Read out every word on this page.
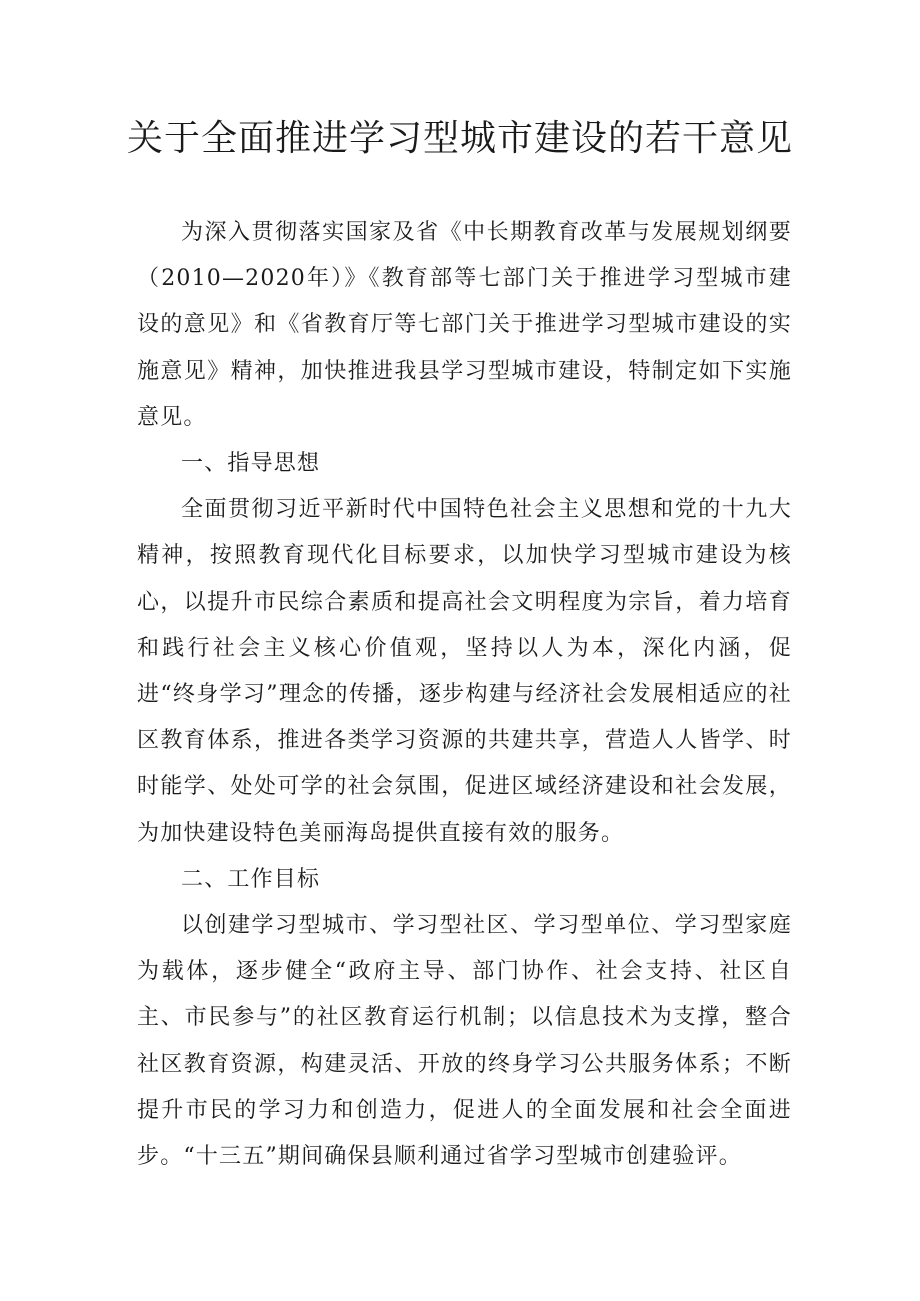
关于全面推进学习型城市建设的若干意见

为深入贯彻落实国家及省《中长期教育改革与发展规划纲要（2010—2020年）》《教育部等七部门关于推进学习型城市建设的意见》和《省教育厅等七部门关于推进学习型城市建设的实施意见》精神，加快推进我县学习型城市建设，特制定如下实施意见。

一、指导思想

全面贯彻习近平新时代中国特色社会主义思想和党的十九大精神，按照教育现代化目标要求，以加快学习型城市建设为核心，以提升市民综合素质和提高社会文明程度为宗旨，着力培育和践行社会主义核心价值观，坚持以人为本，深化内涵，促进“终身学习”理念的传播，逐步构建与经济社会发展相适应的社区教育体系，推进各类学习资源的共建共享，营造人人皆学、时时能学、处处可学的社会氛围，促进区域经济建设和社会发展，为加快建设特色美丽海岛提供直接有效的服务。

二、工作目标

以创建学习型城市、学习型社区、学习型单位、学习型家庭为载体，逐步健全“政府主导、部门协作、社会支持、社区自主、市民参与”的社区教育运行机制；以信息技术为支撑，整合社区教育资源，构建灵活、开放的终身学习公共服务体系；不断提升市民的学习力和创造力，促进人的全面发展和社会全面进步。“十三五”期间确保县顺利通过省学习型城市创建验评。
